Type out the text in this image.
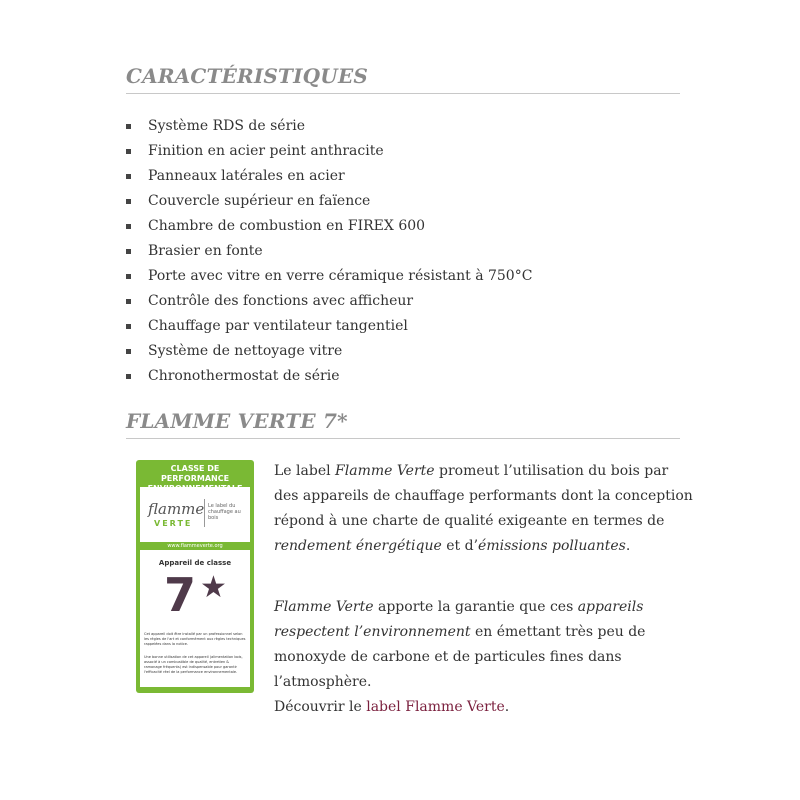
CARACTÉRISTIQUES
Système RDS de série
Finition en acier peint anthracite
Panneaux latérales en acier
Couvercle supérieur en faïence
Chambre de combustion en FIREX 600
Brasier en fonte
Porte avec vitre en verre céramique résistant à 750°C
Contrôle des fonctions avec afficheur
Chauffage par ventilateur tangentiel
Système de nettoyage vitre
Chronothermostat de série
FLAMME VERTE 7*
CLASSE DE PERFORMANCE
flamme
VERTE
Le label du chauffage au bois
www.flammeverte.org
Appareil de classe
7 ★
Cet appareil doit être installé par un professionnel selon les règles de l'art et conformément aux règles techniques rappelées dans la notice.
Une bonne utilisation de cet appareil (alimentation bois, associé à un combustible de qualité, entretien & ramonage fréquents) est indispensable pour garantir l'efficacité réel de la performance environnementale.

Le label Flamme Verte promeut l’utilisation du bois par des appareils de chauffage performants dont la conception répond à une charte de qualité exigeante en termes de rendement énergétique et d’émissions polluantes.

Flamme Verte apporte la garantie que ces appareils respectent l’environnement en émettant très peu de monoxyde de carbone et de particules fines dans l’atmosphère.

Découvrir le label Flamme Verte.
